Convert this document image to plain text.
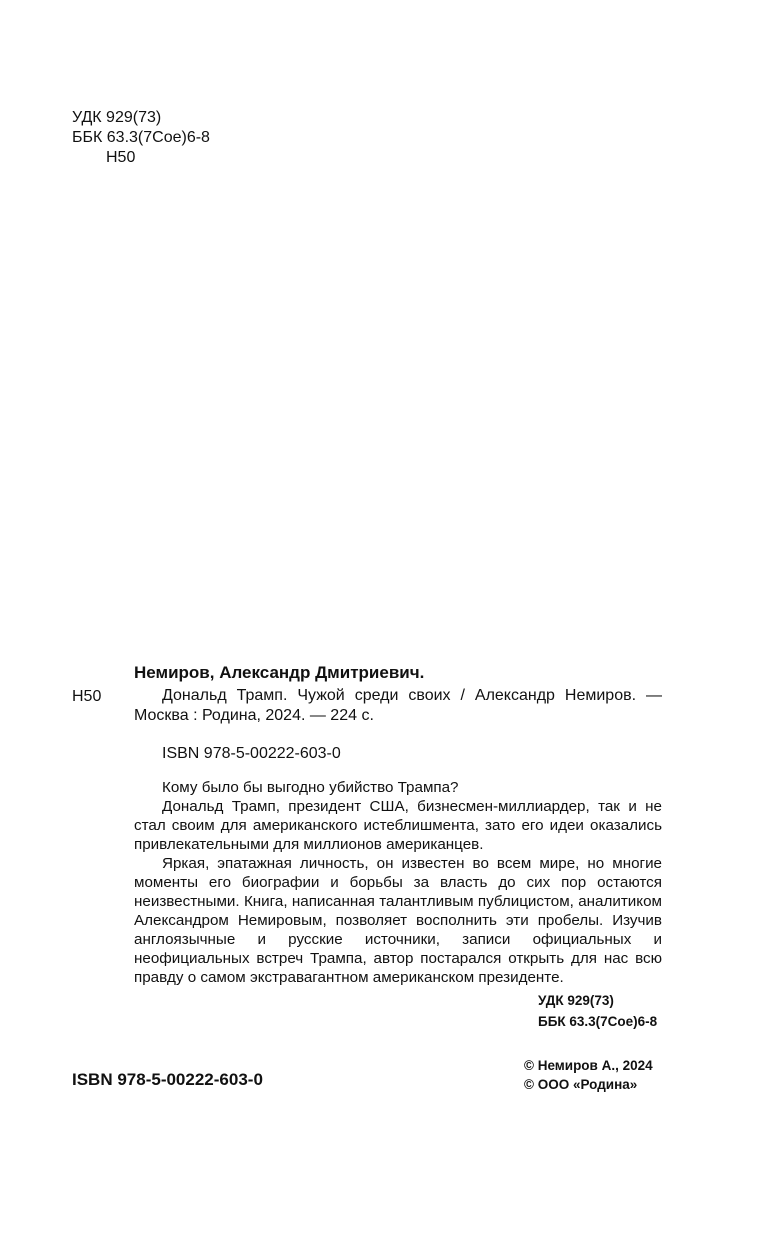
УДК 929(73)
ББК 63.3(7Сое)6-8
Н50
Н50
Немиров, Александр Дмитриевич.
Дональд Трамп. Чужой среди своих / Александр Немиров. — Москва : Родина, 2024. — 224 с.
ISBN 978-5-00222-603-0

Кому было бы выгодно убийство Трампа?

Дональд Трамп, президент США, бизнесмен-миллиардер, так и не стал своим для американского истеблишмента, зато его идеи оказались привлекательными для миллионов американцев.

Яркая, эпатажная личность, он известен во всем мире, но многие моменты его биографии и борьбы за власть до сих пор остаются неизвестными. Книга, написанная талантливым публицистом, аналитиком Александром Немировым, позволяет восполнить эти пробелы. Изучив англоязычные и русские источники, записи официальных и неофициальных встреч Трампа, автор постарался открыть для нас всю правду о самом экстравагантном американском президенте.

УДК 929(73)
ББК 63.3(7Сое)6-8
© Немиров А., 2024
© ООО «Родина»
ISBN 978-5-00222-603-0
